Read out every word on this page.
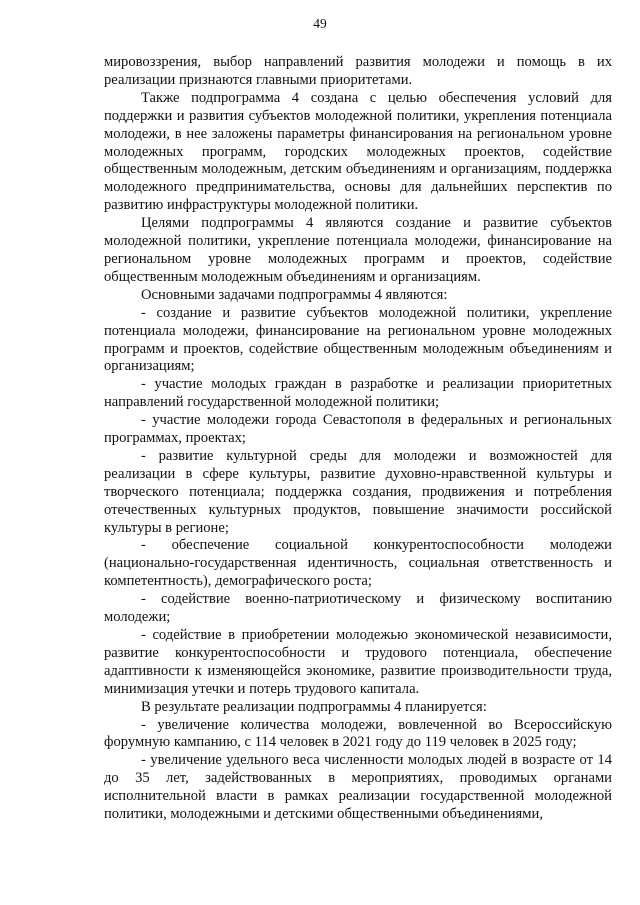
49

мировоззрения, выбор направлений развития молодежи и помощь в их реализации признаются главными приоритетами.

Также подпрограмма 4 создана с целью обеспечения условий для поддержки и развития субъектов молодежной политики, укрепления потенциала молодежи, в нее заложены параметры финансирования на региональном уровне молодежных программ, городских молодежных проектов, содействие общественным молодежным, детским объединениям и организациям, поддержка молодежного предпринимательства, основы для дальнейших перспектив по развитию инфраструктуры молодежной политики.

Целями подпрограммы 4 являются создание и развитие субъектов молодежной политики, укрепление потенциала молодежи, финансирование на региональном уровне молодежных программ и проектов, содействие общественным молодежным объединениям и организациям.

Основными задачами подпрограммы 4 являются:

- создание и развитие субъектов молодежной политики, укрепление потенциала молодежи, финансирование на региональном уровне молодежных программ и проектов, содействие общественным молодежным объединениям и организациям;

- участие молодых граждан в разработке и реализации приоритетных направлений государственной молодежной политики;

- участие молодежи города Севастополя в федеральных и региональных программах, проектах;

- развитие культурной среды для молодежи и возможностей для реализации в сфере культуры, развитие духовно-нравственной культуры и творческого потенциала; поддержка создания, продвижения и потребления отечественных культурных продуктов, повышение значимости российской культуры в регионе;

- обеспечение социальной конкурентоспособности молодежи (национально-государственная идентичность, социальная ответственность и компетентность), демографического роста;

- содействие военно-патриотическому и физическому воспитанию молодежи;

- содействие в приобретении молодежью экономической независимости, развитие конкурентоспособности и трудового потенциала, обеспечение адаптивности к изменяющейся экономике, развитие производительности труда, минимизация утечки и потерь трудового капитала.

В результате реализации подпрограммы 4 планируется:

- увеличение количества молодежи, вовлеченной во Всероссийскую форумную кампанию, с 114 человек в 2021 году до 119 человек в 2025 году;

- увеличение удельного веса численности молодых людей в возрасте от 14 до 35 лет, задействованных в мероприятиях, проводимых органами исполнительной власти в рамках реализации государственной молодежной политики, молодежными и детскими общественными объединениями,
